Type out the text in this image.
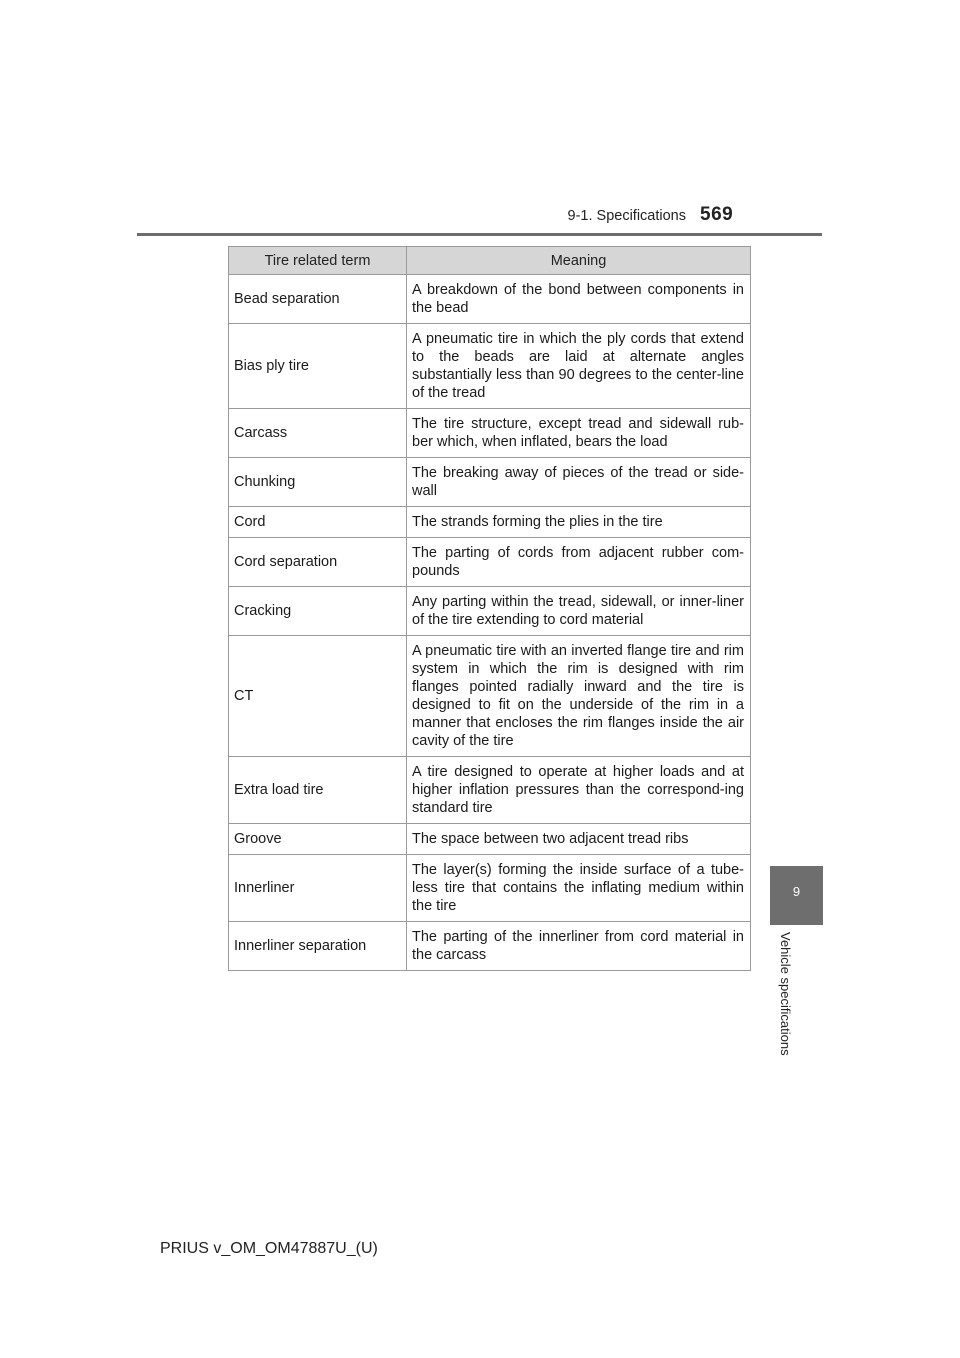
9-1. Specifications 569
9
Vehicle specifications
Tire related term	Meaning
Bead separation	A breakdown of the bond between components in the bead
Bias ply tire	A pneumatic tire in which the ply cords that extend to the beads are laid at alternate angles substantially less than 90 degrees to the center-line of the tread
Carcass	The tire structure, except tread and sidewall rub-ber which, when inflated, bears the load
Chunking	The breaking away of pieces of the tread or side-wall
Cord	The strands forming the plies in the tire
Cord separation	The parting of cords from adjacent rubber com-pounds
Cracking	Any parting within the tread, sidewall, or inner-liner of the tire extending to cord material
CT	A pneumatic tire with an inverted flange tire and rim system in which the rim is designed with rim flanges pointed radially inward and the tire is designed to fit on the underside of the rim in a manner that encloses the rim flanges inside the air cavity of the tire
Extra load tire	A tire designed to operate at higher loads and at higher inflation pressures than the correspond-ing standard tire
Groove	The space between two adjacent tread ribs
Innerliner	The layer(s) forming the inside surface of a tube-less tire that contains the inflating medium within the tire
Innerliner separation	The parting of the innerliner from cord material in the carcass
PRIUS v_OM_OM47887U_(U)
